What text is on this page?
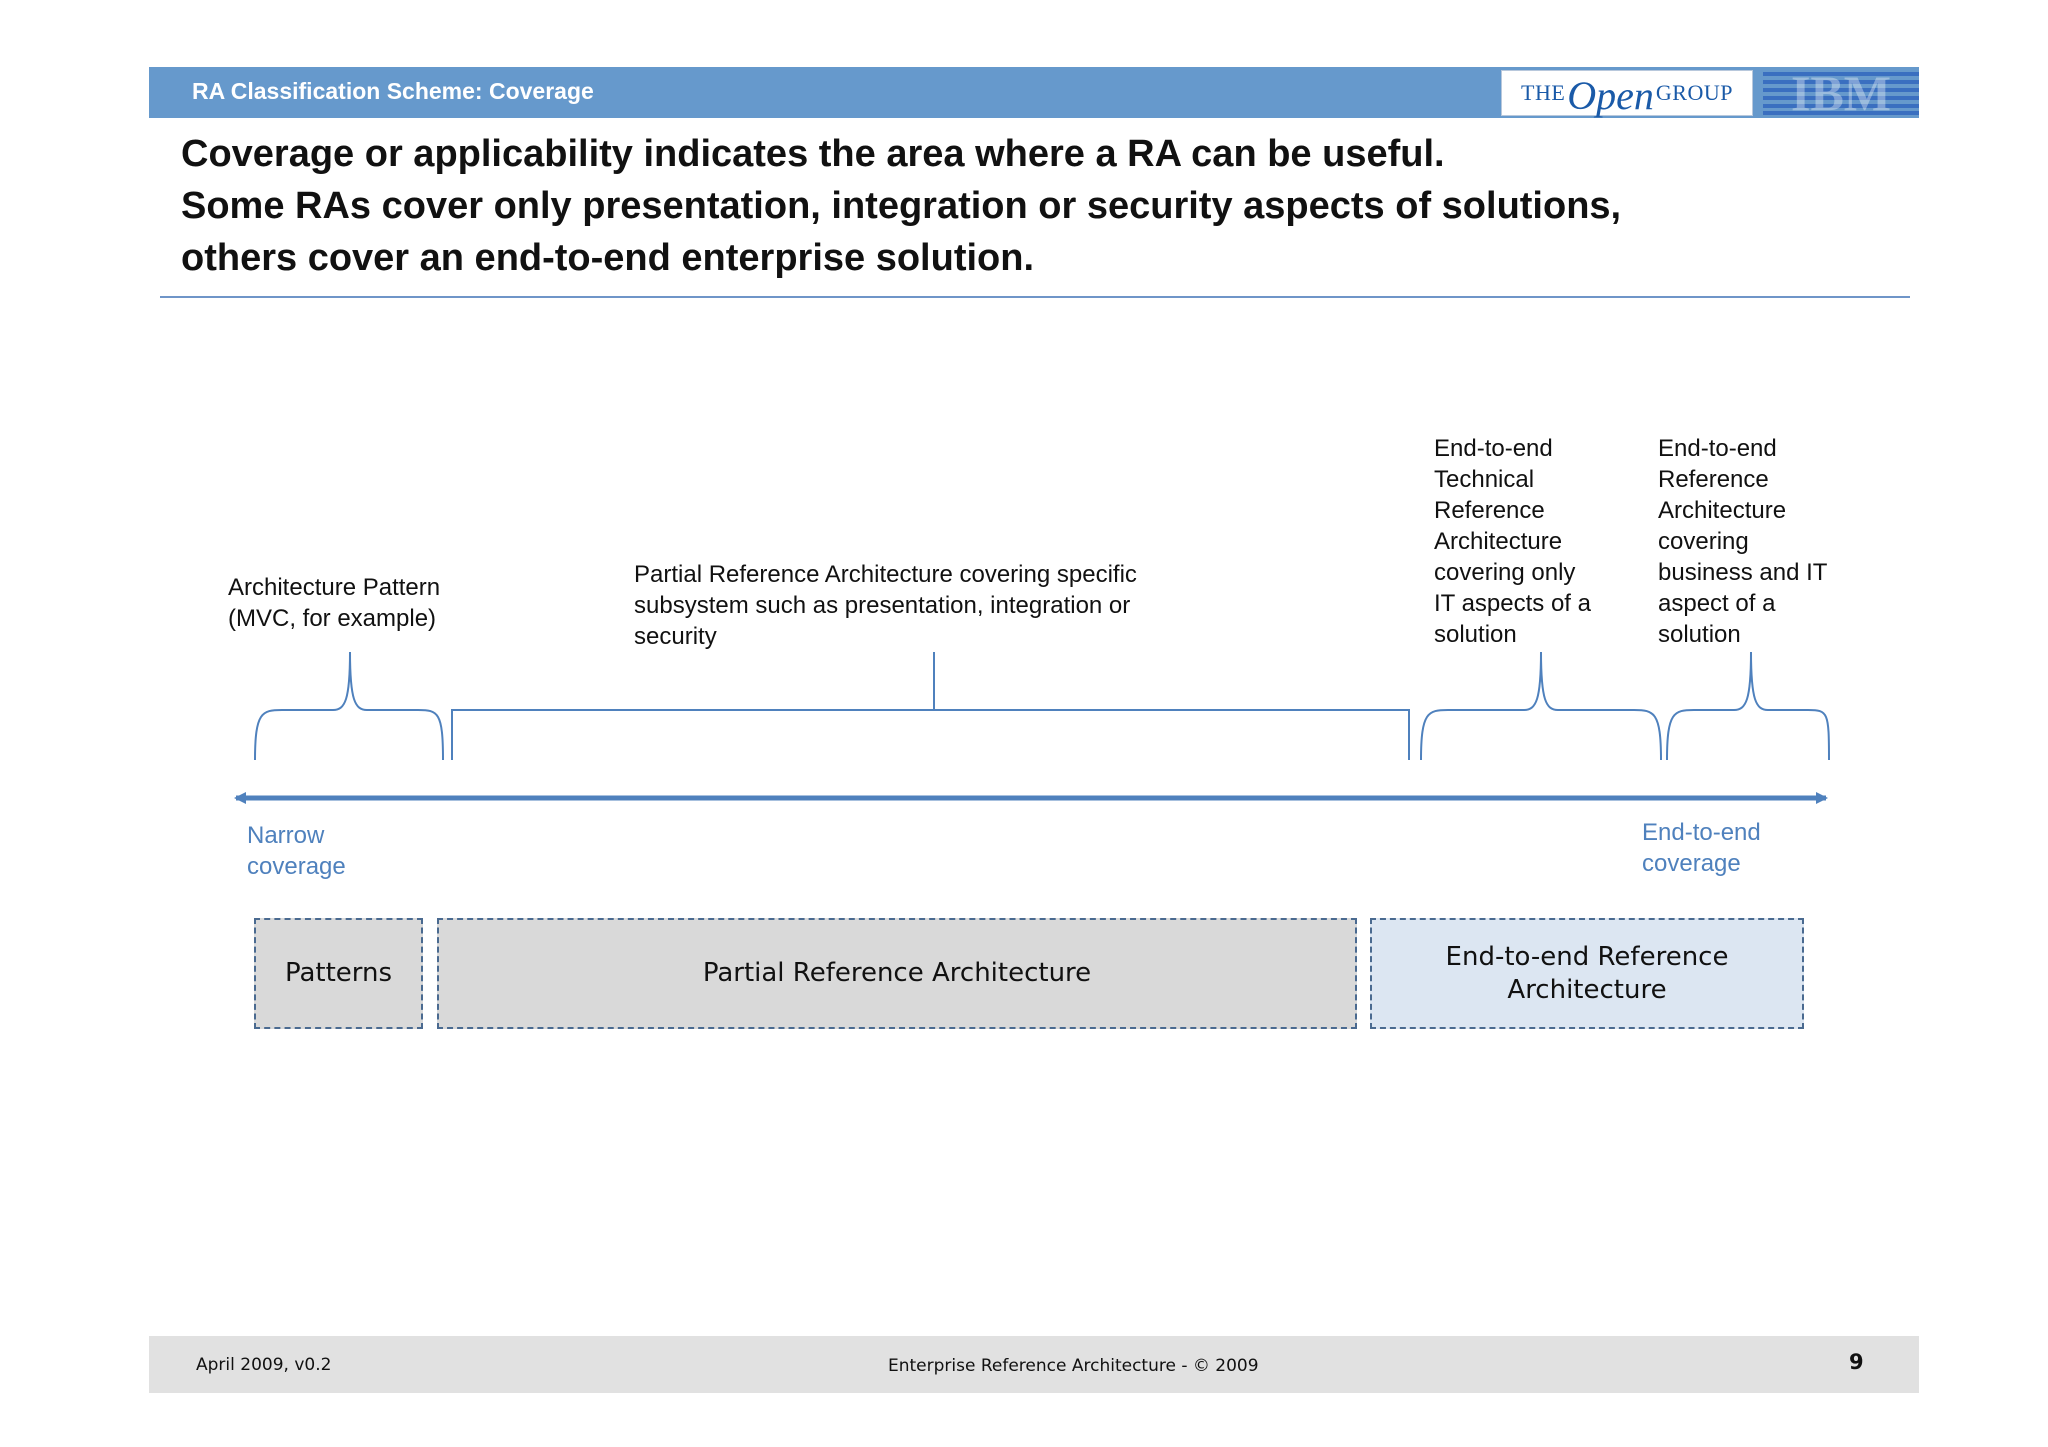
RA Classification Scheme: Coverage	THE Open GROUP IBM
Coverage or applicability indicates the area where a RA can be useful.
Some RAs cover only presentation, integration or security aspects of solutions,
others cover an end-to-end enterprise solution.
Architecture Pattern
(MVC, for example)
Partial Reference Architecture covering specific
subsystem such as presentation, integration or
security
End-to-end
Technical
Reference
Architecture
covering only
IT aspects of a
solution
End-to-end
Reference
Architecture
covering
business and IT
aspect of a
solution
Narrow
coverage
End-to-end
coverage
Patterns	Partial Reference Architecture
End-to-end Reference
Architecture
April 2009, v0.2	Enterprise Reference Architecture - © 2009	9
